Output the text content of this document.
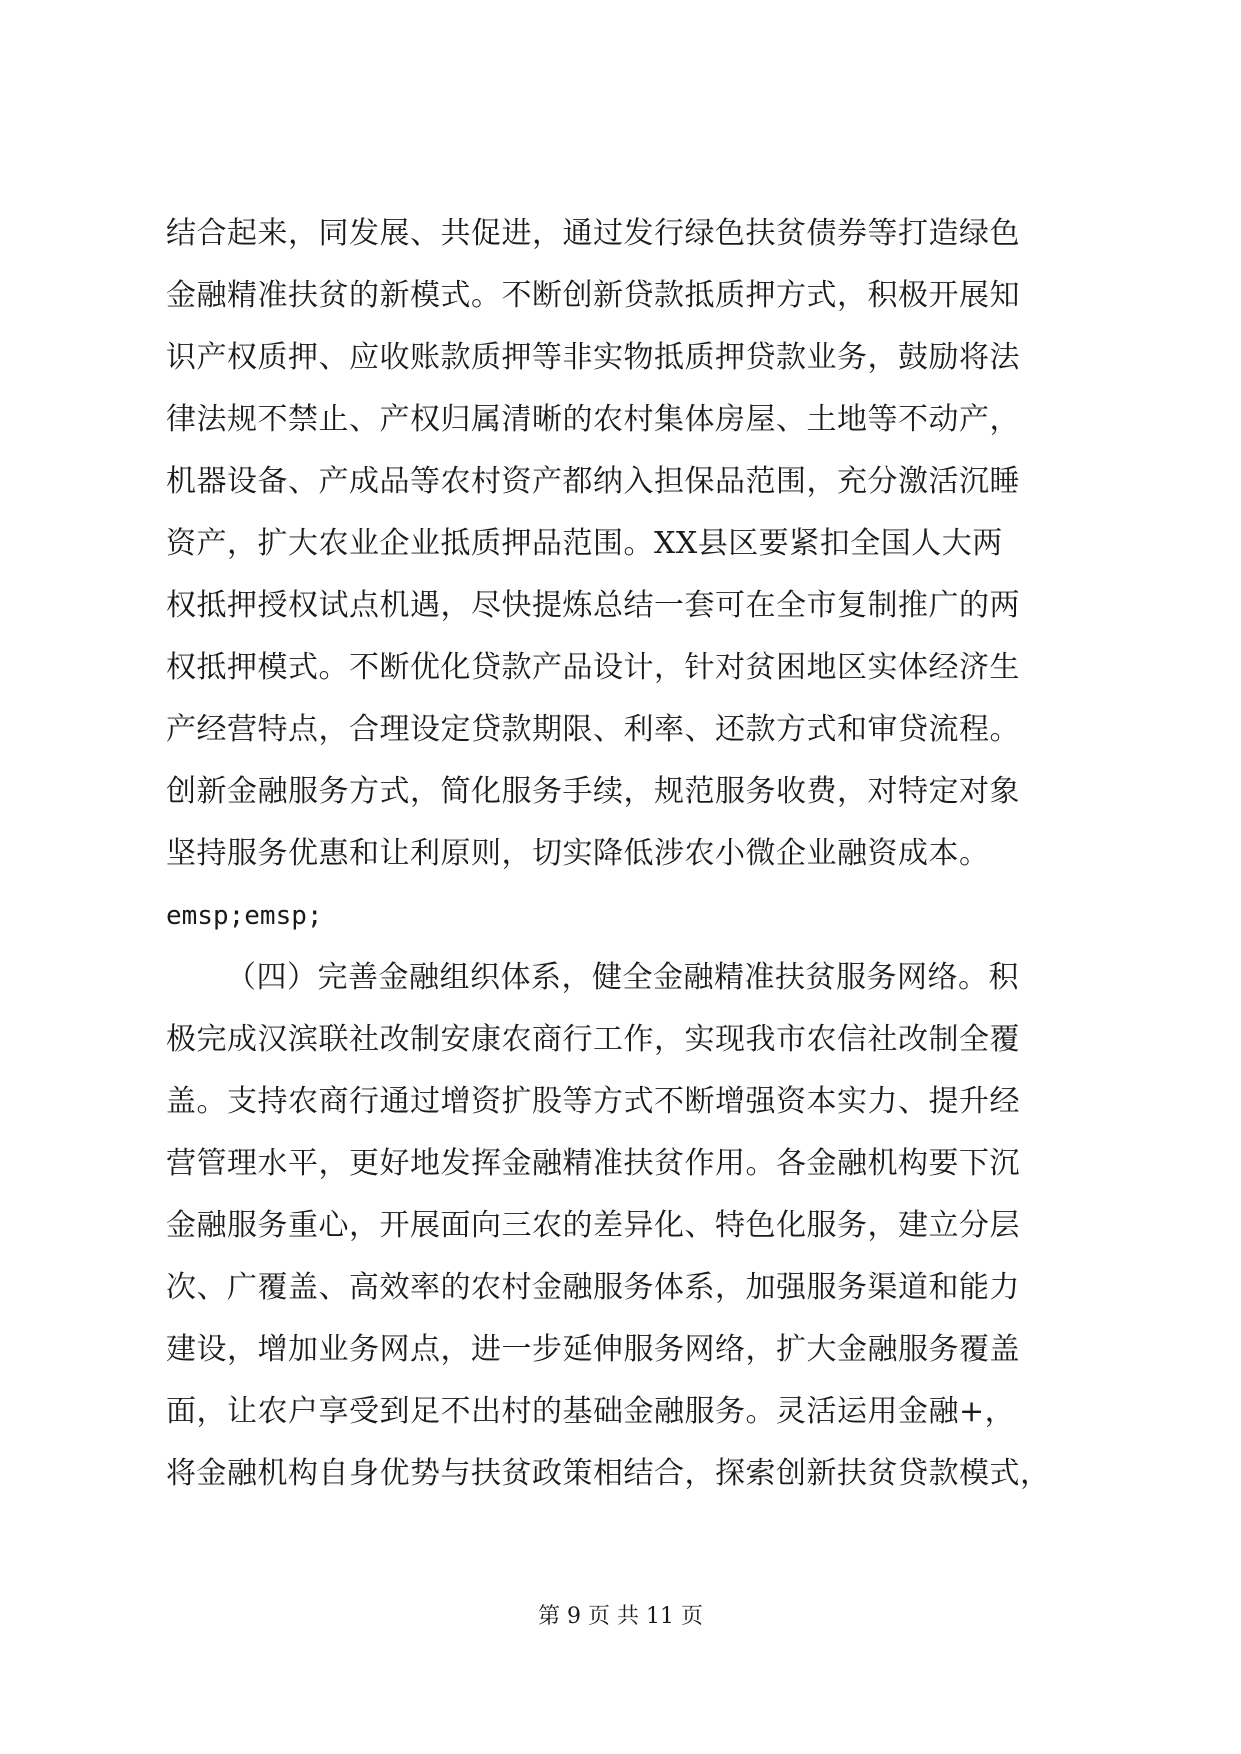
结合起来，同发展、共促进，通过发行绿色扶贫债券等打造绿色
金融精准扶贫的新模式。不断创新贷款抵质押方式，积极开展知
识产权质押、应收账款质押等非实物抵质押贷款业务，鼓励将法
律法规不禁止、产权归属清晰的农村集体房屋、土地等不动产，
机器设备、产成品等农村资产都纳入担保品范围，充分激活沉睡
资产，扩大农业企业抵质押品范围。XX县区要紧扣全国人大两
权抵押授权试点机遇，尽快提炼总结一套可在全市复制推广的两
权抵押模式。不断优化贷款产品设计，针对贫困地区实体经济生
产经营特点，合理设定贷款期限、利率、还款方式和审贷流程。
创新金融服务方式，简化服务手续，规范服务收费，对特定对象
坚持服务优惠和让利原则，切实降低涉农小微企业融资成本。
emsp;emsp;
（四）完善金融组织体系，健全金融精准扶贫服务网络。积
极完成汉滨联社改制安康农商行工作，实现我市农信社改制全覆
盖。支持农商行通过增资扩股等方式不断增强资本实力、提升经
营管理水平，更好地发挥金融精准扶贫作用。各金融机构要下沉
金融服务重心，开展面向三农的差异化、特色化服务，建立分层
次、广覆盖、高效率的农村金融服务体系，加强服务渠道和能力
建设，增加业务网点，进一步延伸服务网络，扩大金融服务覆盖
面，让农户享受到足不出村的基础金融服务。灵活运用金融+，
将金融机构自身优势与扶贫政策相结合，探索创新扶贫贷款模式，
第 9 页 共 11 页
